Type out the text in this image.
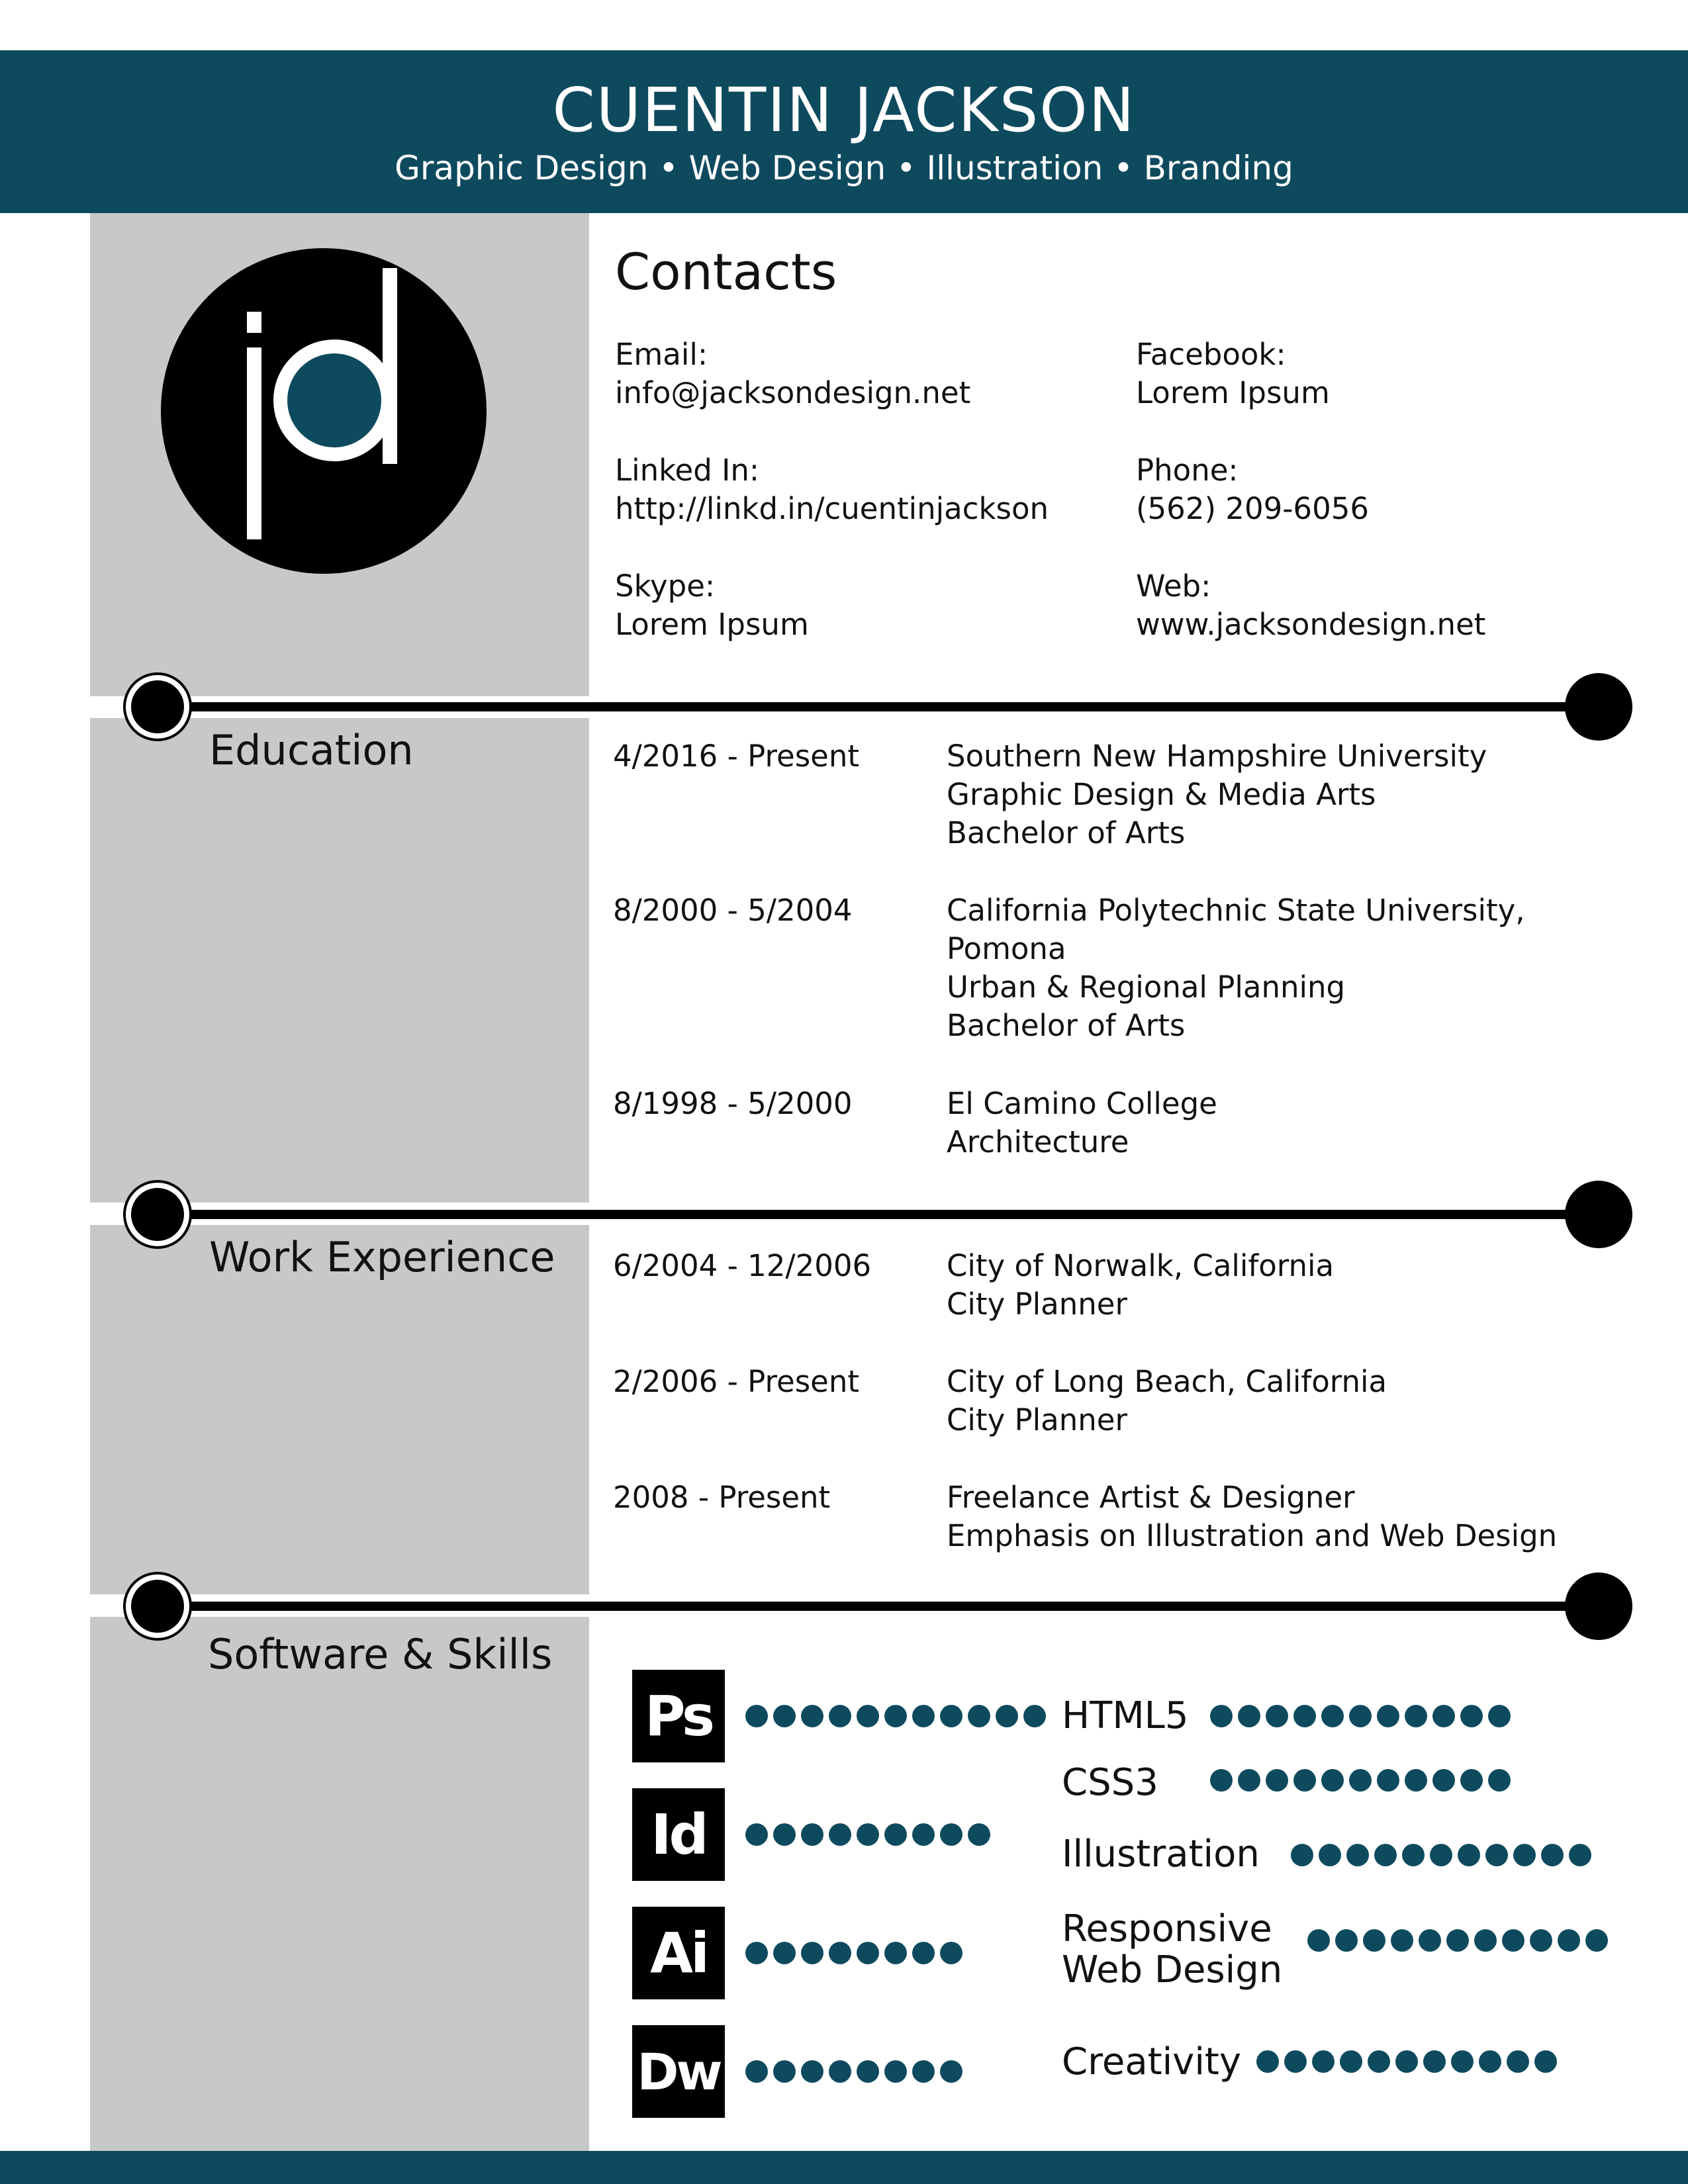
CUENTIN JACKSON
Graphic Design • Web Design • Illustration • Branding
Contacts
Email:
info@jacksondesign.net
Facebook:
Lorem Ipsum
Linked In:
http://linkd.in/cuentinjackson
Phone:
(562) 209-6056
Skype:
Lorem Ipsum
Web:
www.jacksondesign.net
Education	4/2016 - Present	Southern New Hampshire University
Graphic Design & Media Arts
Bachelor of Arts
8/2000 - 5/2004	California Polytechnic State University,
Pomona
Urban & Regional Planning
Bachelor of Arts
8/1998 - 5/2000	El Camino College
Architecture
Work Experience 6/2004 - 12/2006	City of Norwalk, California
City Planner
2/2006 - Present	City of Long Beach, California
City Planner
2008 - Present	Freelance Artist & Designer
Emphasis on Illustration and Web Design
Software & Skills
Ps
Id
Ai
Dw
HTML5
CSS3
Illustration
Responsive
Web Design
Creativity
